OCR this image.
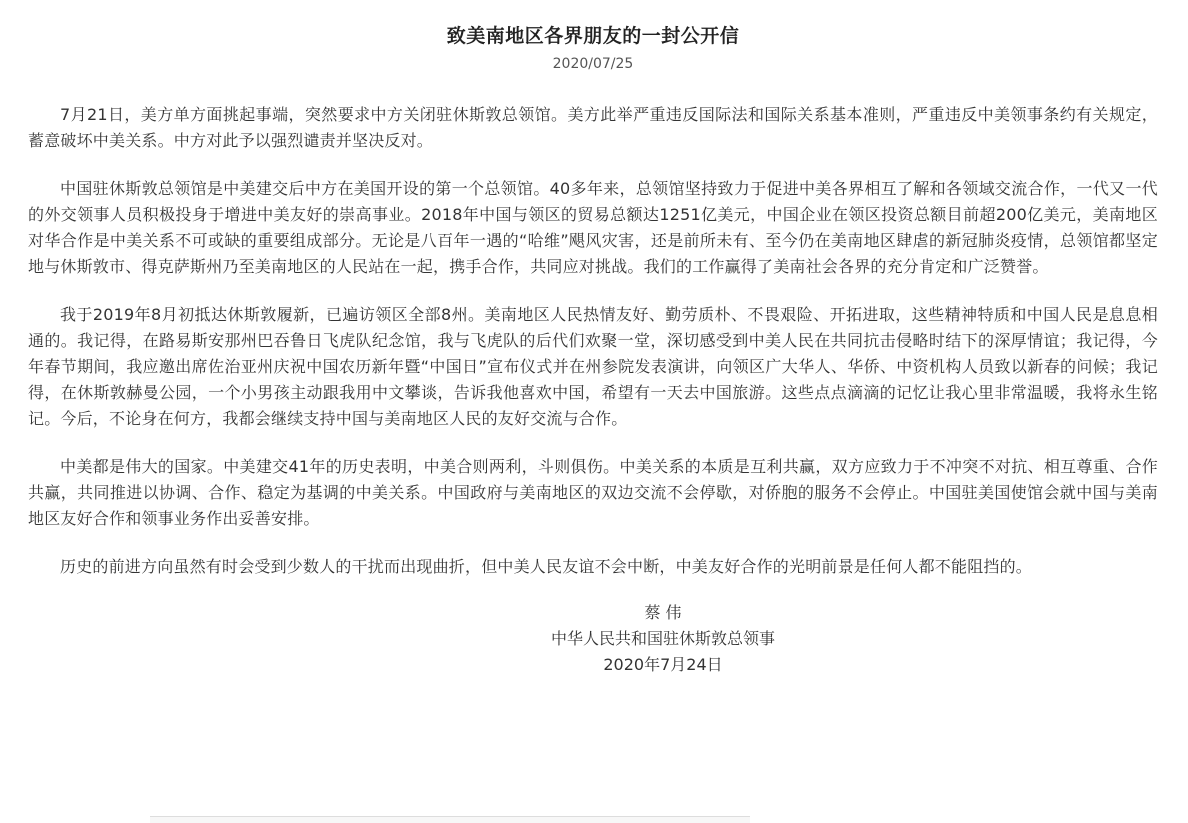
致美南地区各界朋友的一封公开信
2020/07/25

7月21日，美方单方面挑起事端，突然要求中方关闭驻休斯敦总领馆。美方此举严重违反国际法和国际关系基本准则，严重违反中美领事条约有关规定，蓄意破坏中美关系。中方对此予以强烈谴责并坚决反对。

中国驻休斯敦总领馆是中美建交后中方在美国开设的第一个总领馆。40多年来，总领馆坚持致力于促进中美各界相互了解和各领域交流合作，一代又一代的外交领事人员积极投身于增进中美友好的崇高事业。2018年中国与领区的贸易总额达1251亿美元，中国企业在领区投资总额目前超200亿美元，美南地区对华合作是中美关系不可或缺的重要组成部分。无论是八百年一遇的“哈维”飓风灾害，还是前所未有、至今仍在美南地区肆虐的新冠肺炎疫情，总领馆都坚定地与休斯敦市、得克萨斯州乃至美南地区的人民站在一起，携手合作，共同应对挑战。我们的工作赢得了美南社会各界的充分肯定和广泛赞誉。

我于2019年8月初抵达休斯敦履新，已遍访领区全部8州。美南地区人民热情友好、勤劳质朴、不畏艰险、开拓进取，这些精神特质和中国人民是息息相通的。我记得，在路易斯安那州巴吞鲁日飞虎队纪念馆，我与飞虎队的后代们欢聚一堂，深切感受到中美人民在共同抗击侵略时结下的深厚情谊；我记得，今年春节期间，我应邀出席佐治亚州庆祝中国农历新年暨“中国日”宣布仪式并在州参院发表演讲，向领区广大华人、华侨、中资机构人员致以新春的问候；我记得，在休斯敦赫曼公园，一个小男孩主动跟我用中文攀谈，告诉我他喜欢中国，希望有一天去中国旅游。这些点点滴滴的记忆让我心里非常温暖，我将永生铭记。今后，不论身在何方，我都会继续支持中国与美南地区人民的友好交流与合作。

中美都是伟大的国家。中美建交41年的历史表明，中美合则两利，斗则俱伤。中美关系的本质是互利共赢，双方应致力于不冲突不对抗、相互尊重、合作共赢，共同推进以协调、合作、稳定为基调的中美关系。中国政府与美南地区的双边交流不会停歇，对侨胞的服务不会停止。中国驻美国使馆会就中国与美南地区友好合作和领事业务作出妥善安排。

历史的前进方向虽然有时会受到少数人的干扰而出现曲折，但中美人民友谊不会中断，中美友好合作的光明前景是任何人都不能阻挡的。

蔡 伟
中华人民共和国驻休斯敦总领事
2020年7月24日
